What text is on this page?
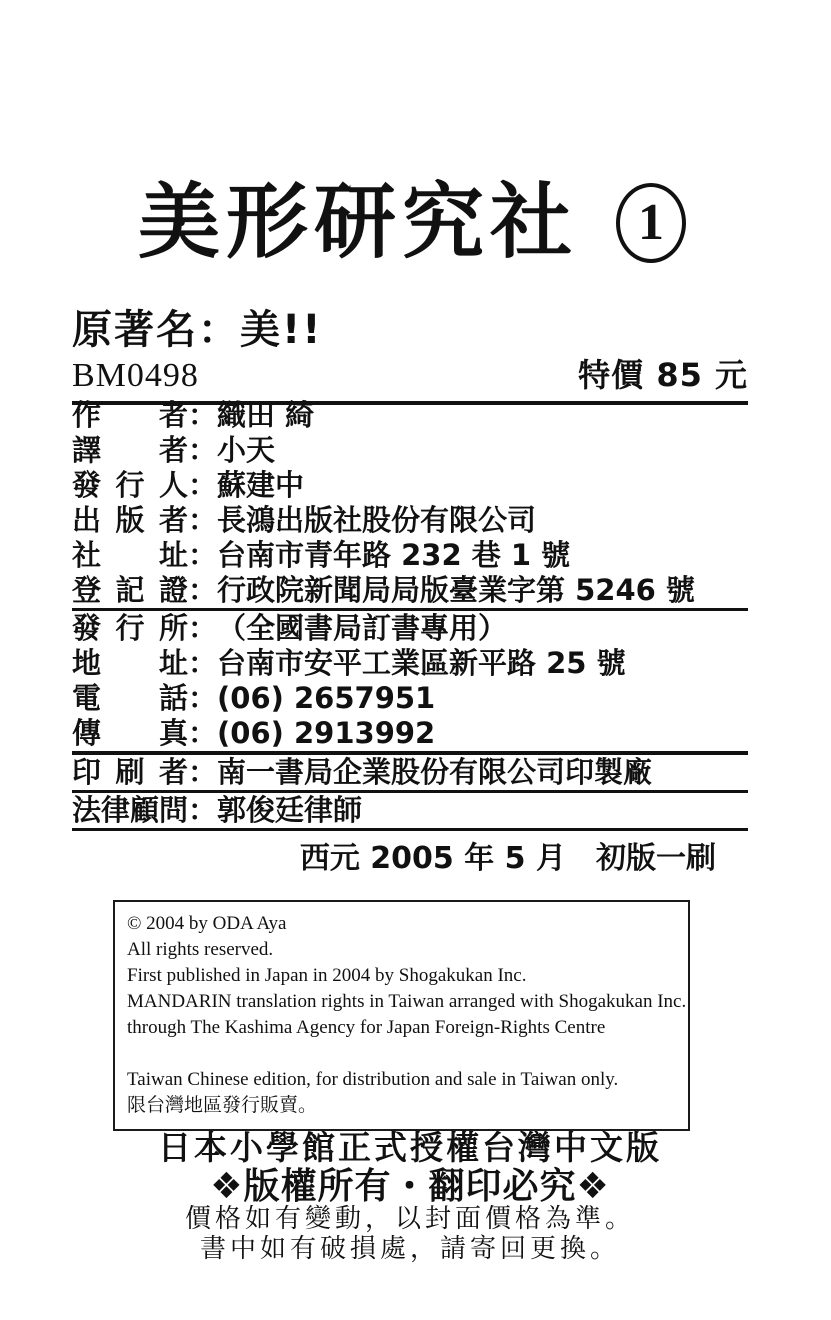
美形研究社 1
原著名：美!!
BM0498	特價 85 元
作者 ： 織田 綺
譯者 ： 小天
發行人 ： 蘇建中
出版者 ： 長鴻出版社股份有限公司
社址 ： 台南市青年路 232 巷 1 號
登記證 ： 行政院新聞局局版臺業字第 5246 號
發行所 ： （全國書局訂書專用）
地址 ： 台南市安平工業區新平路 25 號
電話 ： (06) 2657951
傳真 ： (06) 2913992
印刷者 ： 南一書局企業股份有限公司印製廠
法律顧問 ： 郭俊廷律師
西元 2005 年 5 月　初版一刷
© 2004 by ODA Aya
All rights reserved.
First published in Japan in 2004 by Shogakukan Inc.
MANDARIN translation rights in Taiwan arranged with Shogakukan Inc.
through The Kashima Agency for Japan Foreign-Rights Centre
Taiwan Chinese edition, for distribution and sale in Taiwan only.
限台灣地區發行販賣。
日本小學館正式授權台灣中文版
❖版權所有・翻印必究❖
價格如有變動，以封面價格為準。
書中如有破損處，請寄回更換。
